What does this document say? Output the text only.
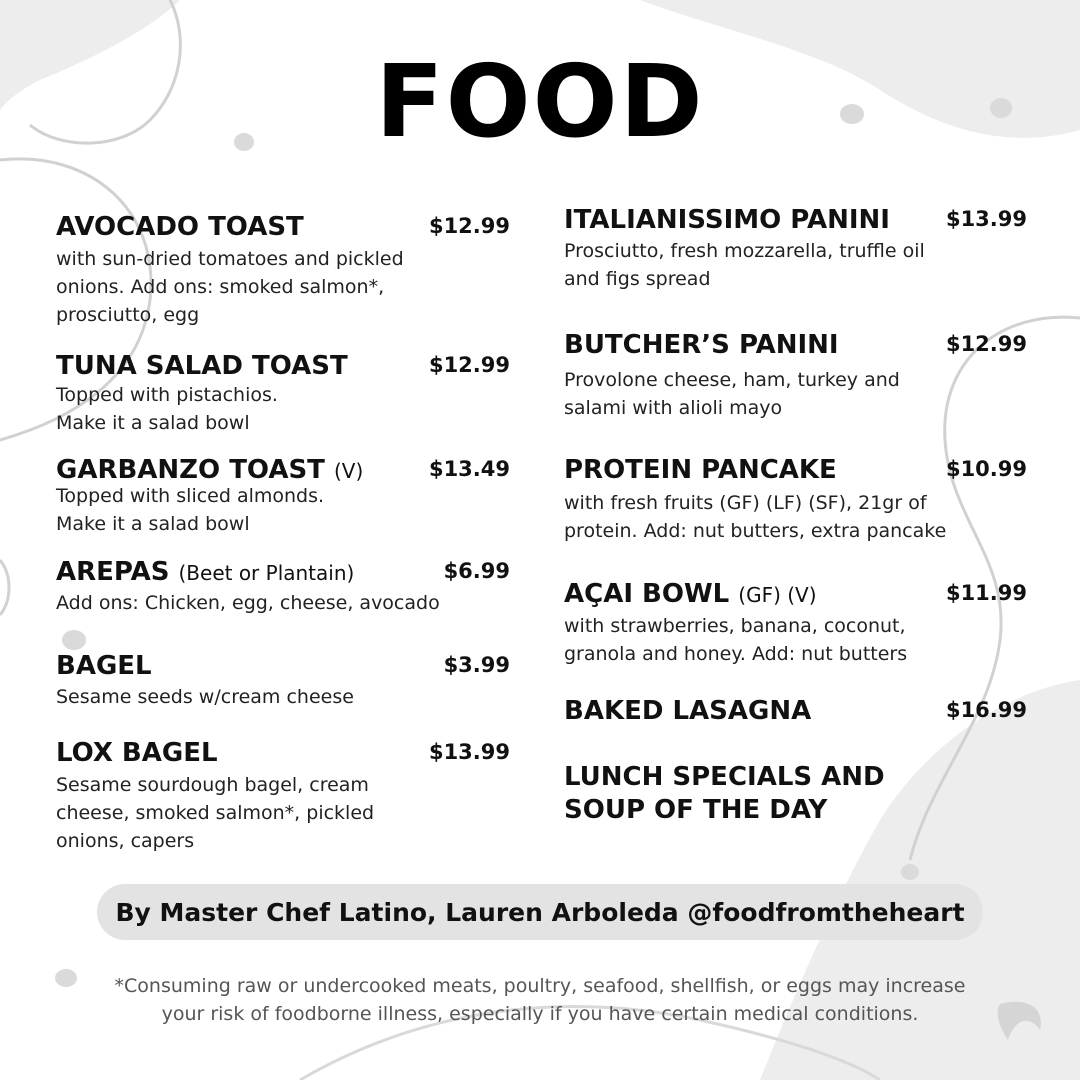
FOOD
AVOCADO TOAST	$12.99
with sun-dried tomatoes and pickled
onions. Add ons: smoked salmon*,
prosciutto, egg
TUNA SALAD TOAST	$12.99
Topped with pistachios.
Make it a salad bowl
GARBANZO TOAST (V)	$13.49
Topped with sliced almonds.
Make it a salad bowl
AREPAS (Beet or Plantain)	$6.99
Add ons: Chicken, egg, cheese, avocado
BAGEL	$3.99
Sesame seeds w/cream cheese
LOX BAGEL	$13.99
Sesame sourdough bagel, cream
cheese, smoked salmon*, pickled
onions, capers
ITALIANISSIMO PANINI	$13.99
Prosciutto, fresh mozzarella, truffle oil
and figs spread
BUTCHER’S PANINI	$12.99
Provolone cheese, ham, turkey and
salami with alioli mayo
PROTEIN PANCAKE	$10.99
with fresh fruits (GF) (LF) (SF), 21gr of
protein. Add: nut butters, extra pancake
AÇAI BOWL (GF) (V)	$11.99
with strawberries, banana, coconut,
granola and honey. Add: nut butters
BAKED LASAGNA	$16.99
LUNCH SPECIALS AND
SOUP OF THE DAY
By Master Chef Latino, Lauren Arboleda @foodfromtheheart
*Consuming raw or undercooked meats, poultry, seafood, shellfish, or eggs may increase
your risk of foodborne illness, especially if you have certain medical conditions.
